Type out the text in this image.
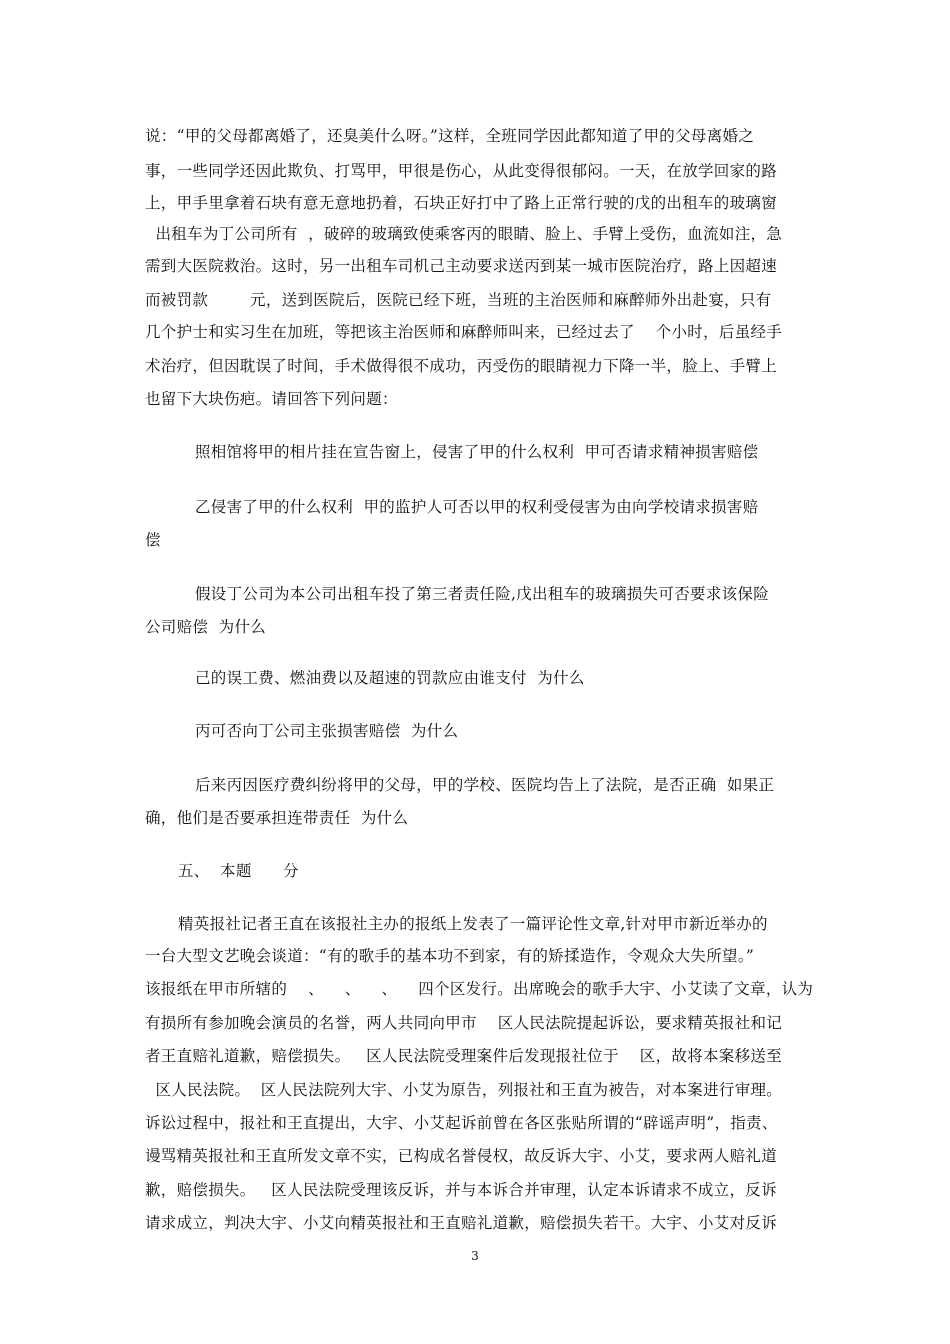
说：“甲的父母都离婚了，还臭美什么呀。”这样，全班同学因此都知道了甲的父母离婚之
事，一些同学还因此欺负、打骂甲，甲很是伤心，从此变得很郁闷。一天，在放学回家的路
上，甲手里拿着石块有意无意地扔着，石块正好打中了路上正常行驶的戊的出租车的玻璃窗
出租车为丁公司所有  ，破碎的玻璃致使乘客丙的眼睛、脸上、手臂上受伤，血流如注，急
需到大医院救治。这时，另一出租车司机己主动要求送丙到某一城市医院治疗，路上因超速
而被罚款        元，送到医院后，医院已经下班，当班的主治医师和麻醉师外出赴宴，只有
几个护士和实习生在加班，等把该主治医师和麻醉师叫来，已经过去了    个小时，后虽经手
术治疗，但因耽误了时间，手术做得很不成功，丙受伤的眼睛视力下降一半，脸上、手臂上
也留下大块伤疤。请回答下列问题：
照相馆将甲的相片挂在宣告窗上，侵害了甲的什么权利  甲可否请求精神损害赔偿
乙侵害了甲的什么权利  甲的监护人可否以甲的权利受侵害为由向学校请求损害赔
偿
假设丁公司为本公司出租车投了第三者责任险,戊出租车的玻璃损失可否要求该保险
公司赔偿  为什么
己的误工费、燃油费以及超速的罚款应由谁支付  为什么
丙可否向丁公司主张损害赔偿  为什么
后来丙因医疗费纠纷将甲的父母，甲的学校、医院均告上了法院，是否正确  如果正
确，他们是否要承担连带责任  为什么
五、  本题      分
精英报社记者王直在该报社主办的报纸上发表了一篇评论性文章,针对甲市新近举办的
一台大型文艺晚会谈道：“有的歌手的基本功不到家，有的矫揉造作，令观众大失所望。”
该报纸在甲市所辖的    、    、    、    四个区发行。出席晚会的歌手大宇、小艾读了文章，认为
有损所有参加晚会演员的名誉，两人共同向甲市    区人民法院提起诉讼，要求精英报社和记
者王直赔礼道歉，赔偿损失。   区人民法院受理案件后发现报社位于    区，故将本案移送至
区人民法院。  区人民法院列大宇、小艾为原告，列报社和王直为被告，对本案进行审理。
诉讼过程中，报社和王直提出，大宇、小艾起诉前曾在各区张贴所谓的“辟谣声明”，指责、
谩骂精英报社和王直所发文章不实，已构成名誉侵权，故反诉大宇、小艾，要求两人赔礼道
歉，赔偿损失。   区人民法院受理该反诉，并与本诉合并审理，认定本诉请求不成立，反诉
请求成立，判决大宇、小艾向精英报社和王直赔礼道歉，赔偿损失若干。大宇、小艾对反诉
3
